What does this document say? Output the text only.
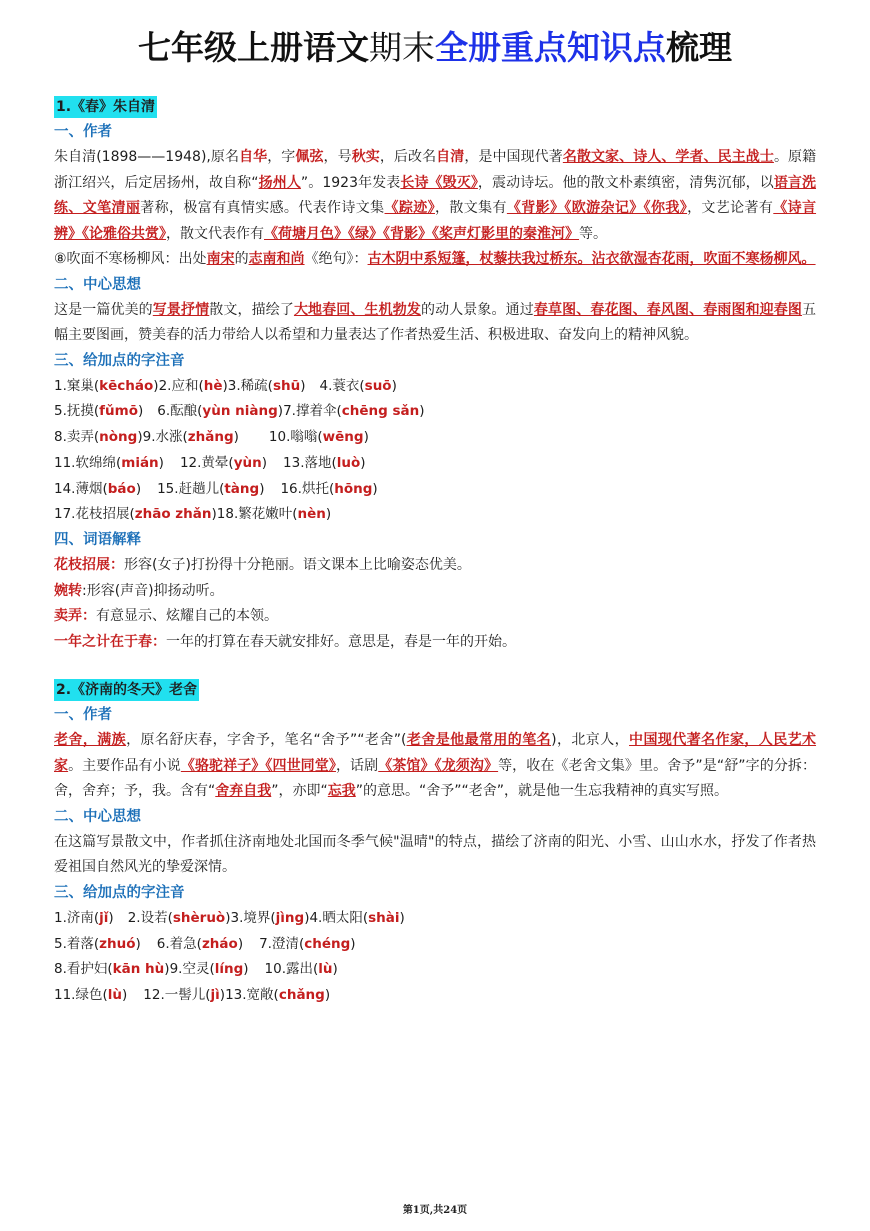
七年级上册语文期末全册重点知识点梳理
1.《春》朱自清
一、作者

朱自清(1898——1948),原名自华，字佩弦，号秋实，后改名自清，是中国现代著名散文家、诗人、学者、民主战士。原籍浙江绍兴，后定居扬州，故自称“扬州人”。1923年发表长诗《毁灭》，震动诗坛。他的散文朴素缜密，清隽沉郁，以语言洗练、文笔清丽著称，极富有真情实感。代表作诗文集《踪迹》，散文集有《背影》《欧游杂记》《你我》，文艺论著有《诗言辨》《论雅俗共赏》，散文代表作有《荷塘月色》《绿》《背影》《桨声灯影里的秦淮河》等。

⑧吹面不寒杨柳风：出处南宋的志南和尚《绝句》：古木阴中系短篷，杖藜扶我过桥东。沾衣欲湿杏花雨，吹面不寒杨柳风。

二、中心思想

这是一篇优美的写景抒情散文，描绘了大地春回、生机勃发的动人景象。通过春草图、春花图、春风图、春雨图和迎春图五幅主要图画，赞美春的活力带给人以希望和力量表达了作者热爱生活、积极进取、奋发向上的精神风貌。

三、给加点的字注音
1.窠巢(kēcháo)2.应和(hè)3.稀疏(shū) 4.蓑衣(suō)
5.抚摸(fǔmō) 6.酝酿(yùn niàng)7.撑着伞(chēng sǎn)
8.卖弄(nòng)9.水涨(zhǎng) 10.嗡嗡(wēng)
11.软绵绵(mián) 12.黄晕(yùn) 13.落地(luò)
14.薄烟(báo) 15.赶趟儿(tàng) 16.烘托(hōng)
17.花枝招展(zhāo zhǎn)18.繁花嫩叶(nèn)
四、词语解释

花枝招展：形容(女子)打扮得十分艳丽。语文课本上比喻姿态优美。

婉转:形容(声音)抑扬动听。

卖弄：有意显示、炫耀自己的本领。

一年之计在于春：一年的打算在春天就安排好。意思是，春是一年的开始。

2.《济南的冬天》老舍
一、作者

老舍，满族，原名舒庆春，字舍予，笔名“舍予”“老舍”(老舍是他最常用的笔名)，北京人，中国现代著名作家，人民艺术家。主要作品有小说《骆驼祥子》《四世同堂》，话剧《茶馆》《龙须沟》等，收在《老舍文集》里。舍予”是“舒”字的分拆：舍，舍弃；予，我。含有“舍弃自我”，亦即“忘我”的意思。“舍予”“老舍”，就是他一生忘我精神的真实写照。

二、中心思想

在这篇写景散文中，作者抓住济南地处北国而冬季气候"温晴"的特点，描绘了济南的阳光、小雪、山山水水，抒发了作者热爱祖国自然风光的挚爱深情。

三、给加点的字注音
1.济南(jǐ) 2.设若(shèruò)3.境界(jìng)4.晒太阳(shài)
5.着落(zhuó) 6.着急(zháo) 7.澄清(chéng)
8.看护妇(kān hù)9.空灵(líng) 10.露出(lù)
11.绿色(lù) 12.一髻儿(jì)13.宽敞(chǎng)
第1页,共24页
